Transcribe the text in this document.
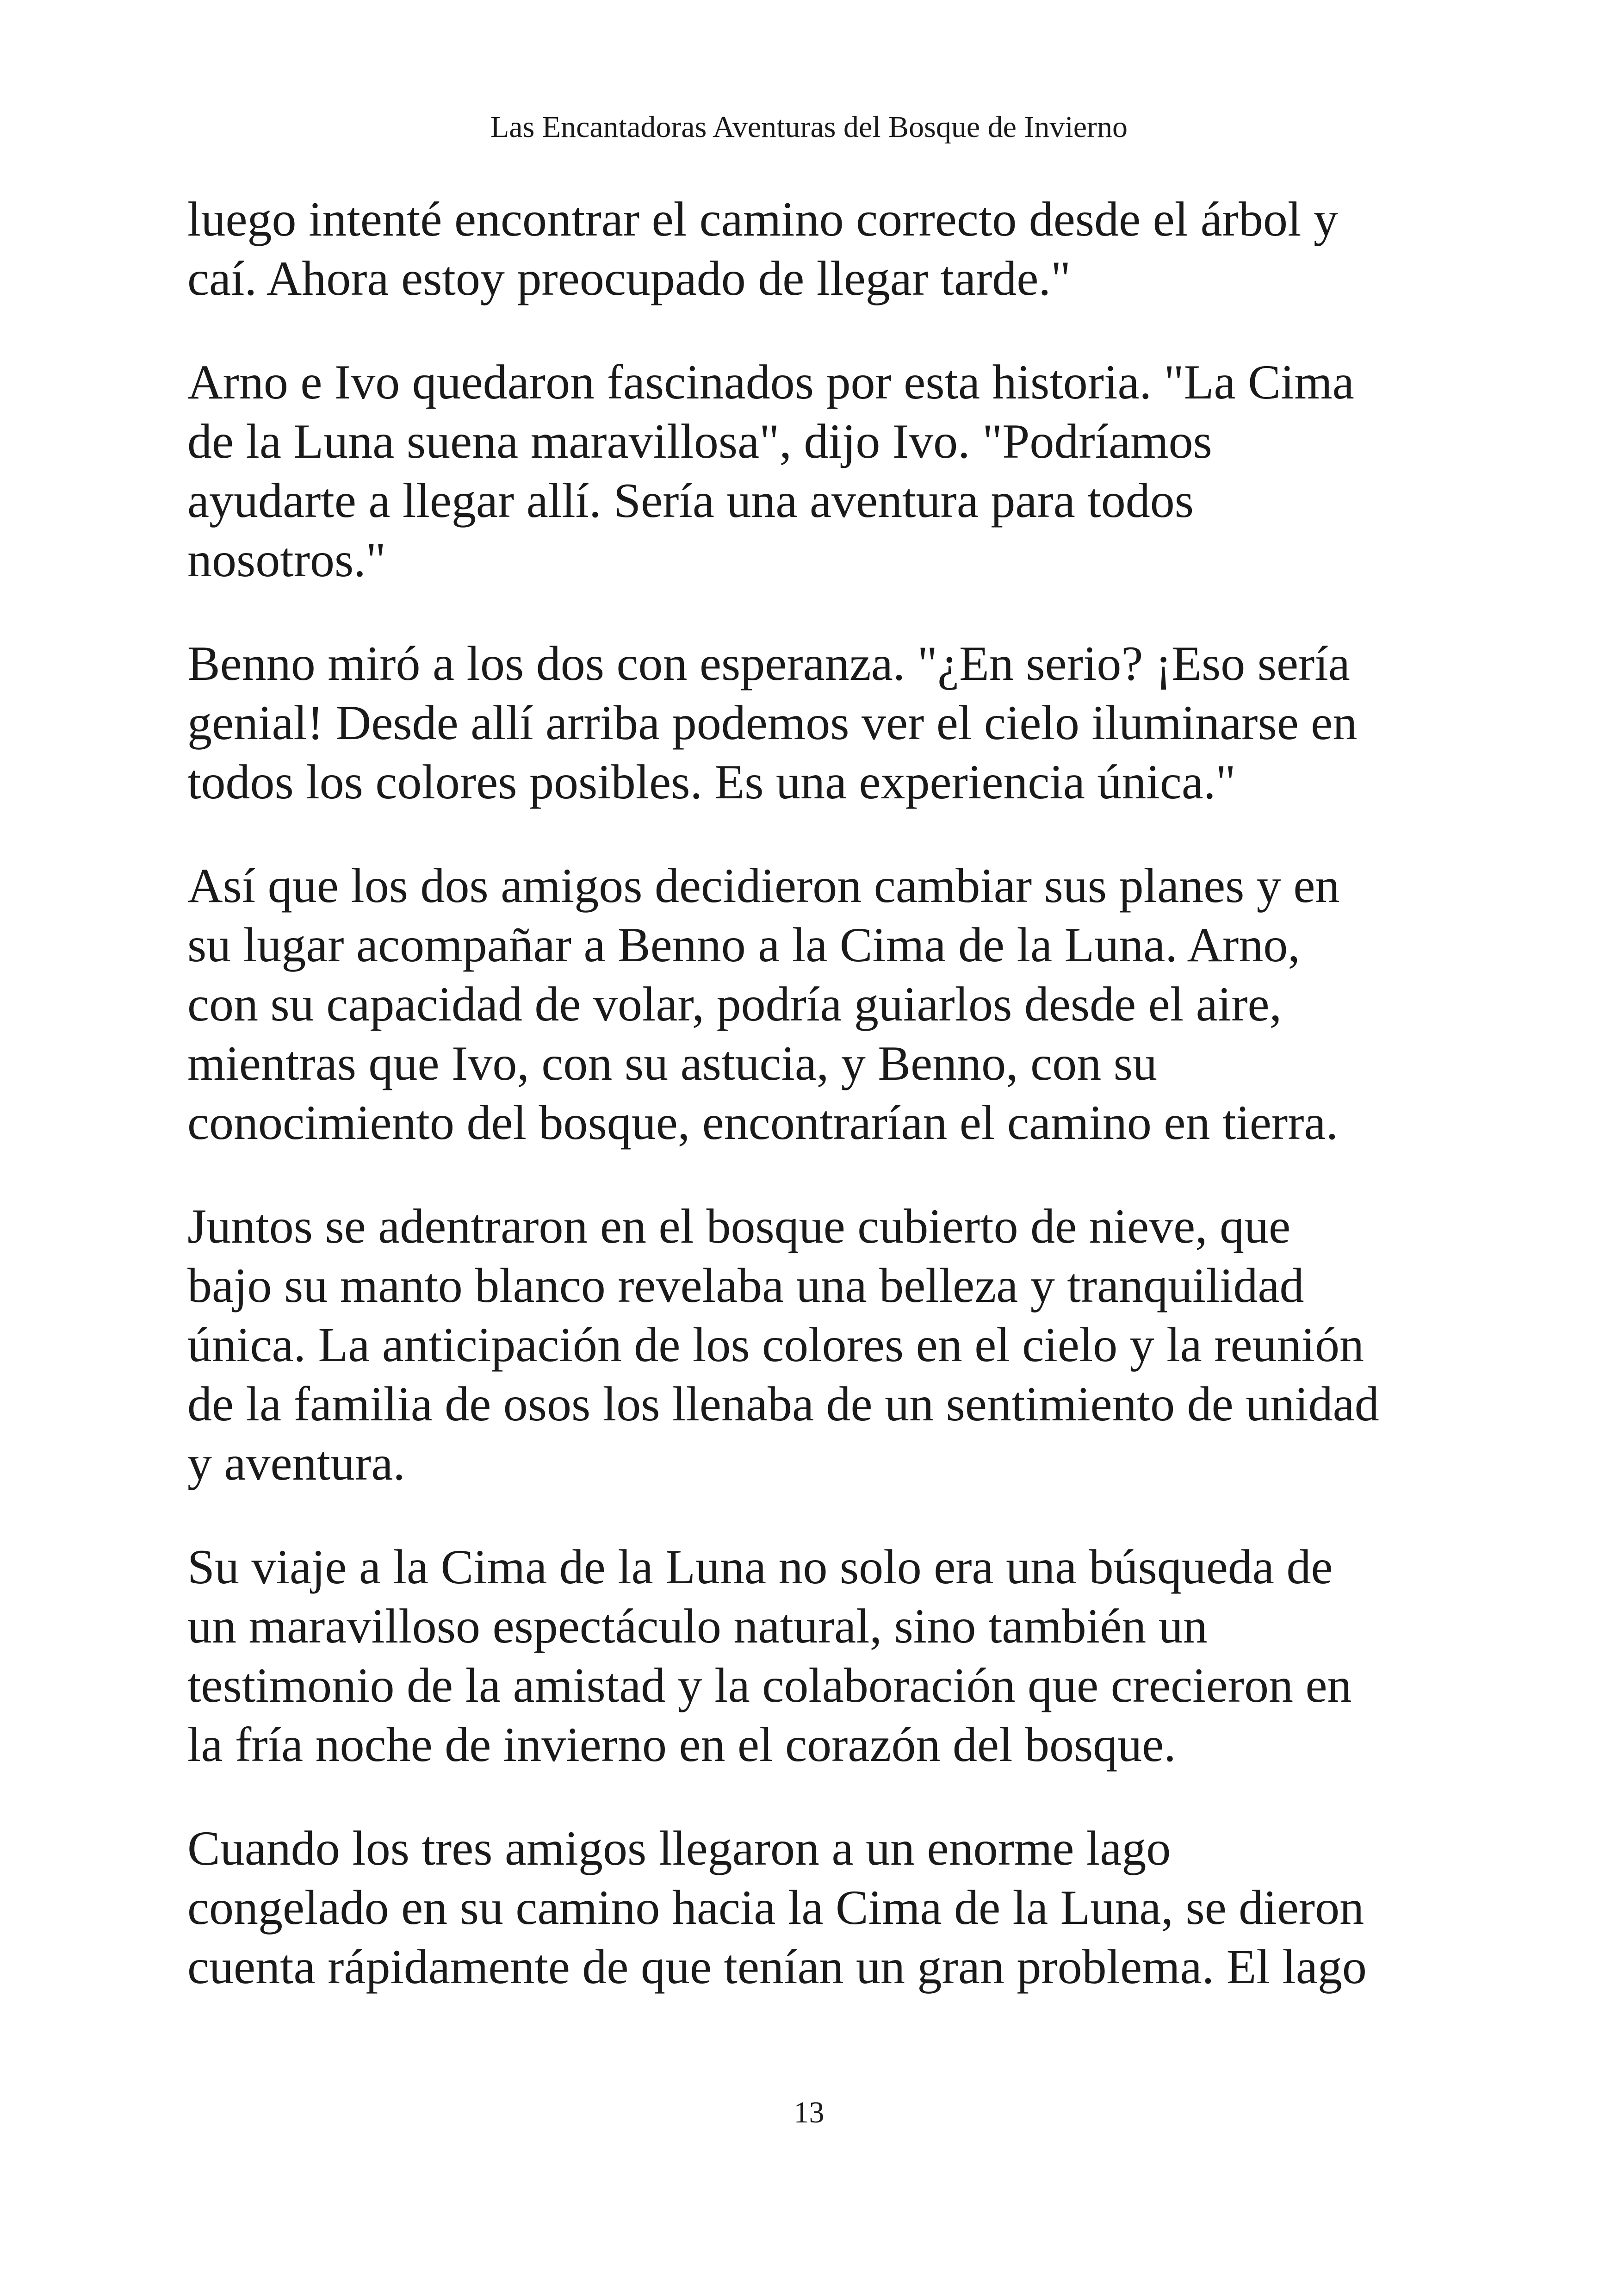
Las Encantadoras Aventuras del Bosque de Invierno

luego intenté encontrar el camino correcto desde el árbol y
caí. Ahora estoy preocupado de llegar tarde."

Arno e Ivo quedaron fascinados por esta historia. "La Cima
de la Luna suena maravillosa", dijo Ivo. "Podríamos
ayudarte a llegar allí. Sería una aventura para todos
nosotros."

Benno miró a los dos con esperanza. "¿En serio? ¡Eso sería
genial! Desde allí arriba podemos ver el cielo iluminarse en
todos los colores posibles. Es una experiencia única."

Así que los dos amigos decidieron cambiar sus planes y en
su lugar acompañar a Benno a la Cima de la Luna. Arno,
con su capacidad de volar, podría guiarlos desde el aire,
mientras que Ivo, con su astucia, y Benno, con su
conocimiento del bosque, encontrarían el camino en tierra.

Juntos se adentraron en el bosque cubierto de nieve, que
bajo su manto blanco revelaba una belleza y tranquilidad
única. La anticipación de los colores en el cielo y la reunión
de la familia de osos los llenaba de un sentimiento de unidad
y aventura.

Su viaje a la Cima de la Luna no solo era una búsqueda de
un maravilloso espectáculo natural, sino también un
testimonio de la amistad y la colaboración que crecieron en
la fría noche de invierno en el corazón del bosque.

Cuando los tres amigos llegaron a un enorme lago
congelado en su camino hacia la Cima de la Luna, se dieron
cuenta rápidamente de que tenían un gran problema. El lago

13
